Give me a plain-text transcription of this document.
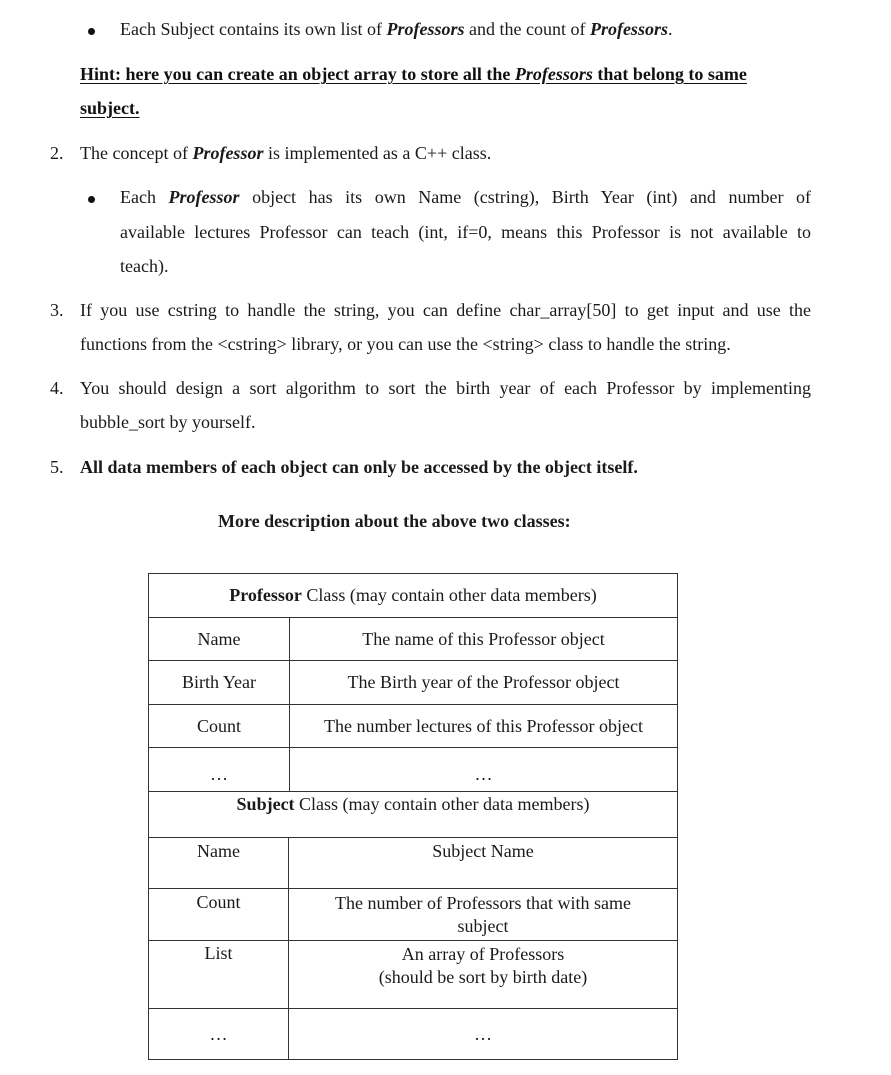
Each Subject contains its own list of Professors and the count of Professors.
Hint: here you can create an object array to store all the Professors that belong to same
subject.
2. The concept of Professor is implemented as a C++ class.
Each Professor object has its own Name (cstring), Birth Year (int) and number of
available lectures Professor can teach (int, if=0, means this Professor is not available to
teach).
3. If you use cstring to handle the string, you can define char_array[50] to get input and use the
functions from the <cstring> library, or you can use the <string> class to handle the string.
4. You should design a sort algorithm to sort the birth year of each Professor by implementing
bubble_sort by yourself.
5. All data members of each object can only be accessed by the object itself.
More description about the above two classes:
Professor Class (may contain other data members)	
Name	The name of this Professor object
Birth Year	The Birth year of the Professor object
Count	The number lectures of this Professor object
…	…
Subject Class (may contain other data members)	
Name	Subject Name
Count	The number of Professors that with same
subject

List	An array of Professors
(should be sort by birth date)

…	…
